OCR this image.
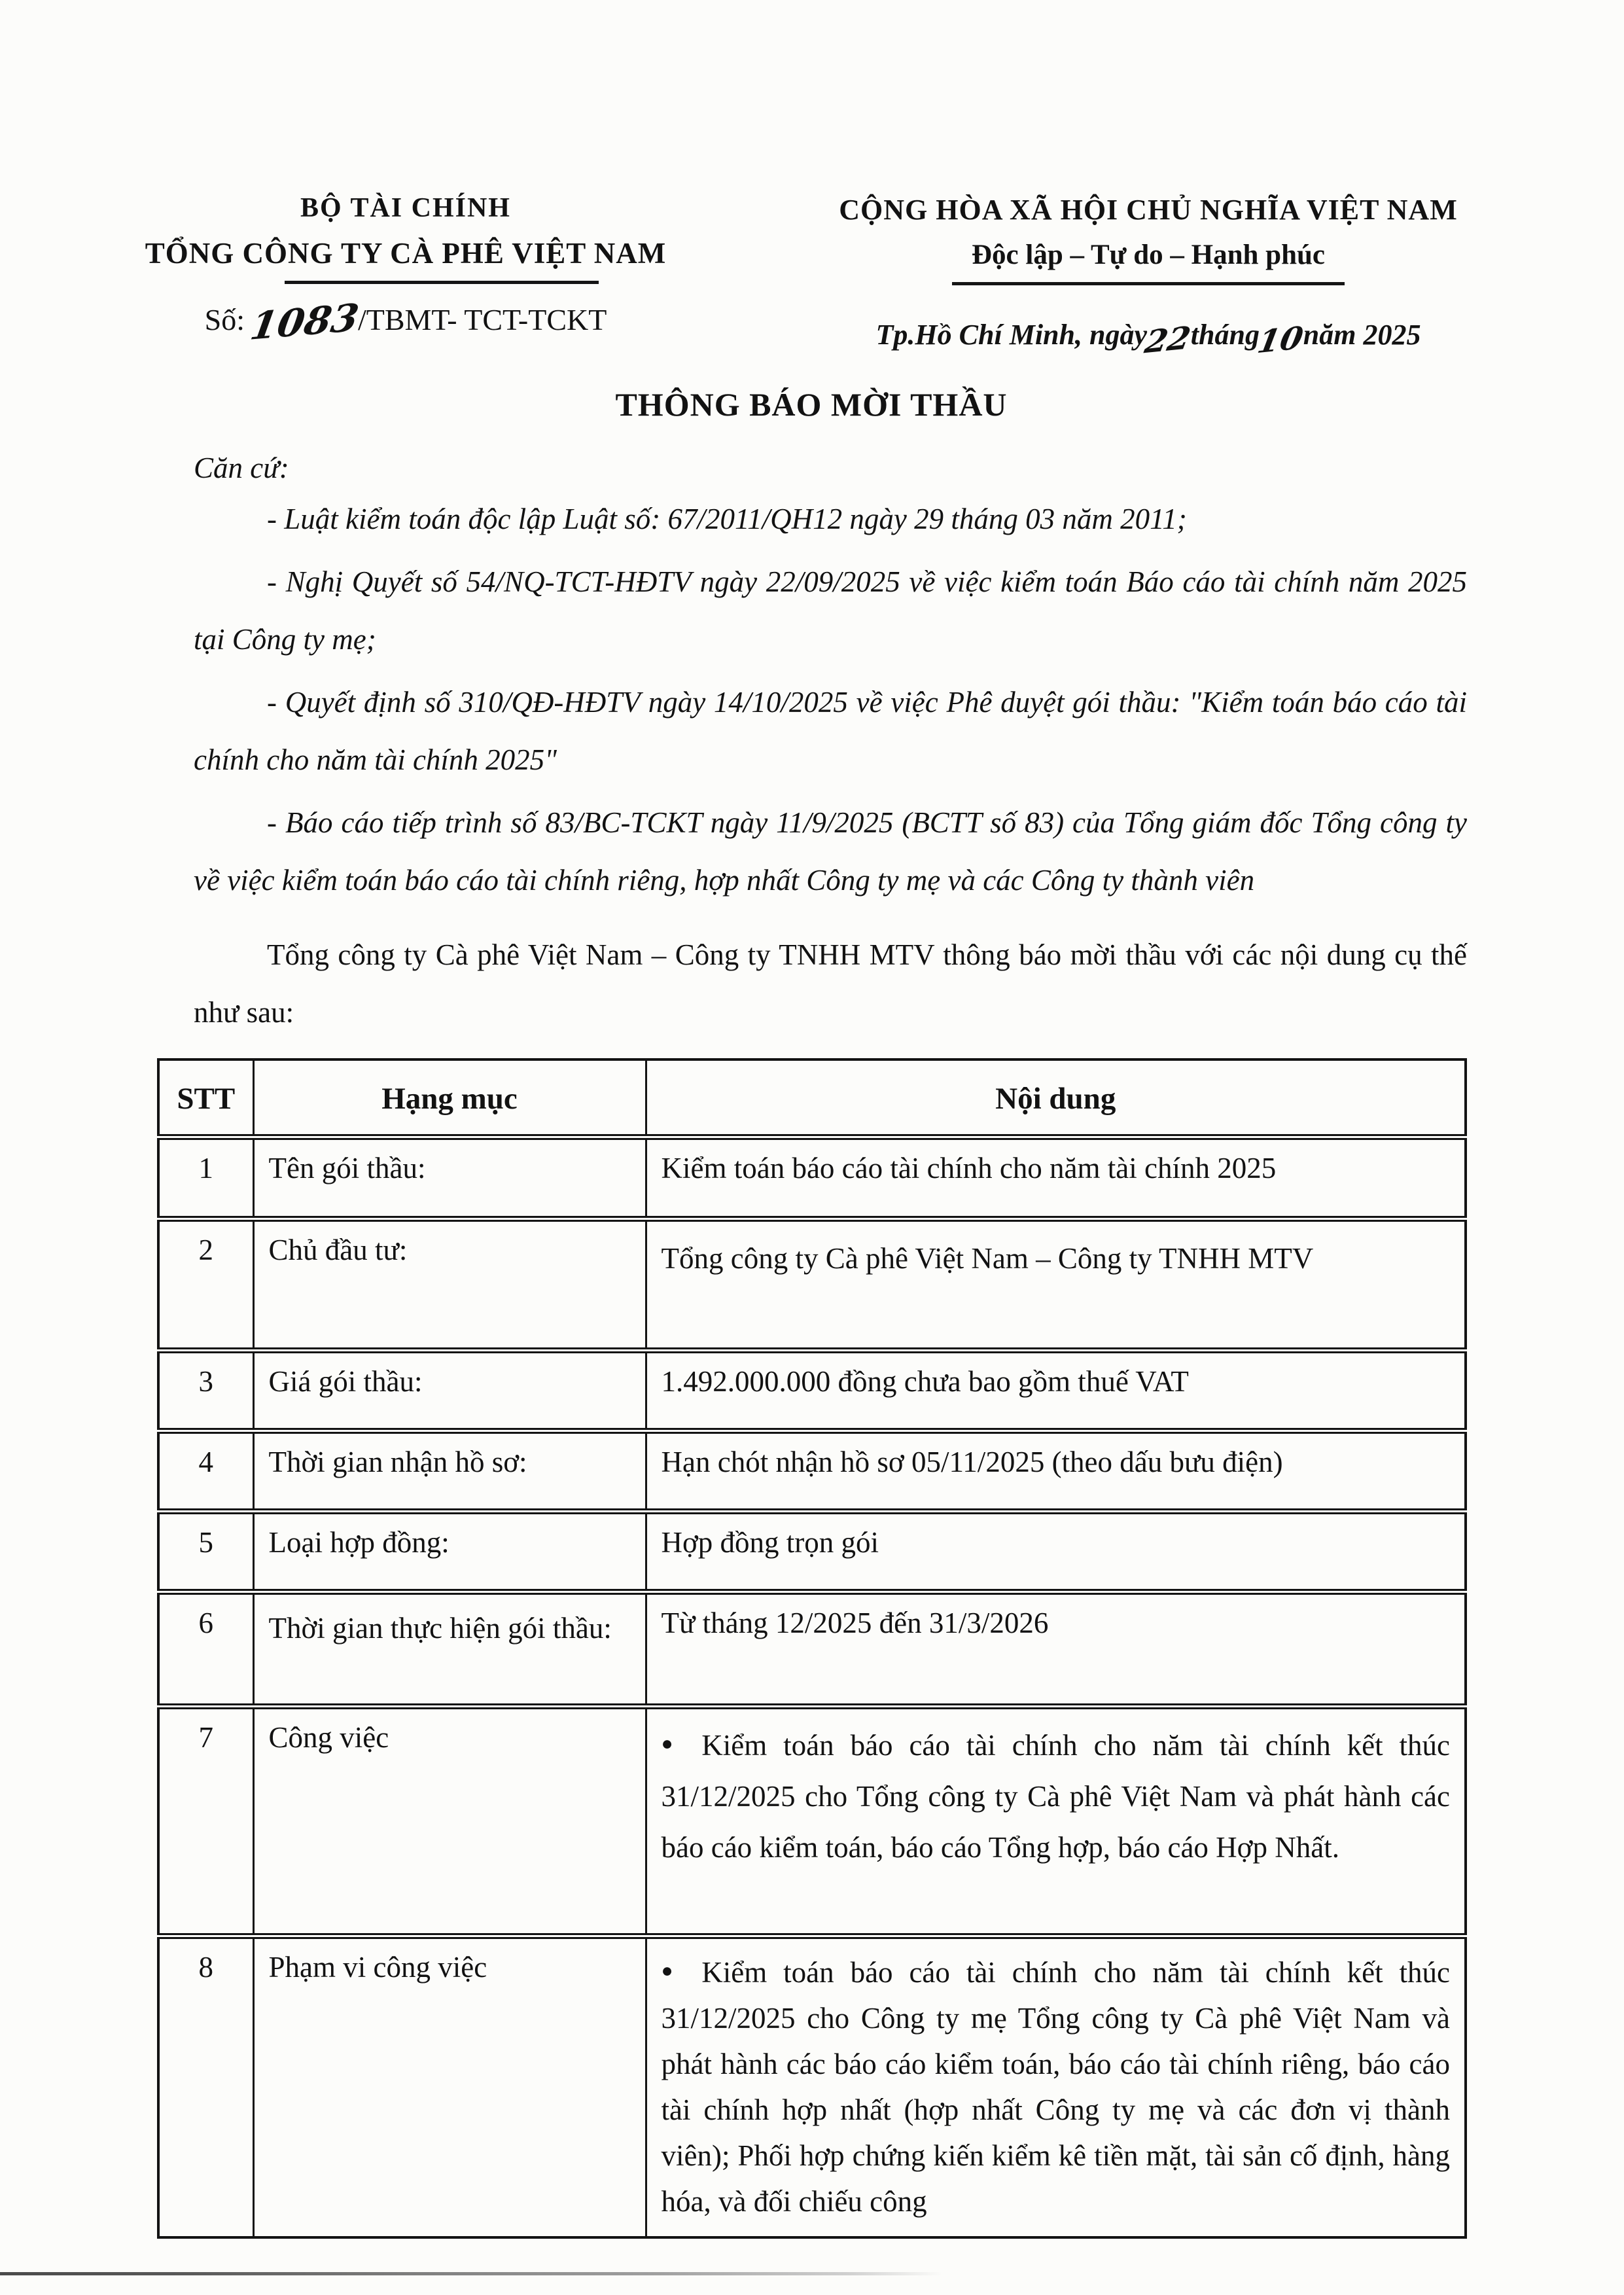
BỘ TÀI CHÍNH
TỔNG CÔNG TY CÀ PHÊ VIỆT NAM
Số: 1083/TBMT- TCT-TCKT
CỘNG HÒA XÃ HỘI CHỦ NGHĨA VIỆT NAM
Độc lập – Tự do – Hạnh phúc
Tp.Hồ Chí Minh, ngày22tháng10năm 2025
THÔNG BÁO MỜI THẦU
Căn cứ:

- Luật kiểm toán độc lập Luật số: 67/2011/QH12 ngày 29 tháng 03 năm 2011;

- Nghị Quyết số 54/NQ-TCT-HĐTV ngày 22/09/2025 về việc kiểm toán Báo cáo tài chính năm 2025 tại Công ty mẹ;

- Quyết định số 310/QĐ-HĐTV ngày 14/10/2025 về việc Phê duyệt gói thầu: "Kiểm toán báo cáo tài chính cho năm tài chính 2025"

- Báo cáo tiếp trình số 83/BC-TCKT ngày 11/9/2025 (BCTT số 83) của Tổng giám đốc Tổng công ty về việc kiểm toán báo cáo tài chính riêng, hợp nhất Công ty mẹ và các Công ty thành viên

Tổng công ty Cà phê Việt Nam – Công ty TNHH MTV thông báo mời thầu với các nội dung cụ thế như sau:

STT	Hạng mục	Nội dung
1	Tên gói thầu:	Kiểm toán báo cáo tài chính cho năm tài chính 2025
2	Chủ đầu tư:	Tổng công ty Cà phê Việt Nam – Công ty TNHH MTV
3	Giá gói thầu:	1.492.000.000 đồng chưa bao gồm thuế VAT
4	Thời gian nhận hồ sơ:	Hạn chót nhận hồ sơ 05/11/2025 (theo dấu bưu điện)
5	Loại hợp đồng:	Hợp đồng trọn gói
6	Thời gian thực hiện gói thầu:	Từ tháng 12/2025 đến 31/3/2026
7	Công việc	● Kiểm toán báo cáo tài chính cho năm tài chính kết thúc 31/12/2025 cho Tổng công ty Cà phê Việt Nam và phát hành các báo cáo kiểm toán, báo cáo Tổng hợp, báo cáo Hợp Nhất.
8	Phạm vi công việc	● Kiểm toán báo cáo tài chính cho năm tài chính kết thúc 31/12/2025 cho Công ty mẹ Tổng công ty Cà phê Việt Nam và phát hành các báo cáo kiểm toán, báo cáo tài chính riêng, báo cáo tài chính hợp nhất (hợp nhất Công ty mẹ và các đơn vị thành viên); Phối hợp chứng kiến kiểm kê tiền mặt, tài sản cố định, hàng hóa, và đối chiếu công
